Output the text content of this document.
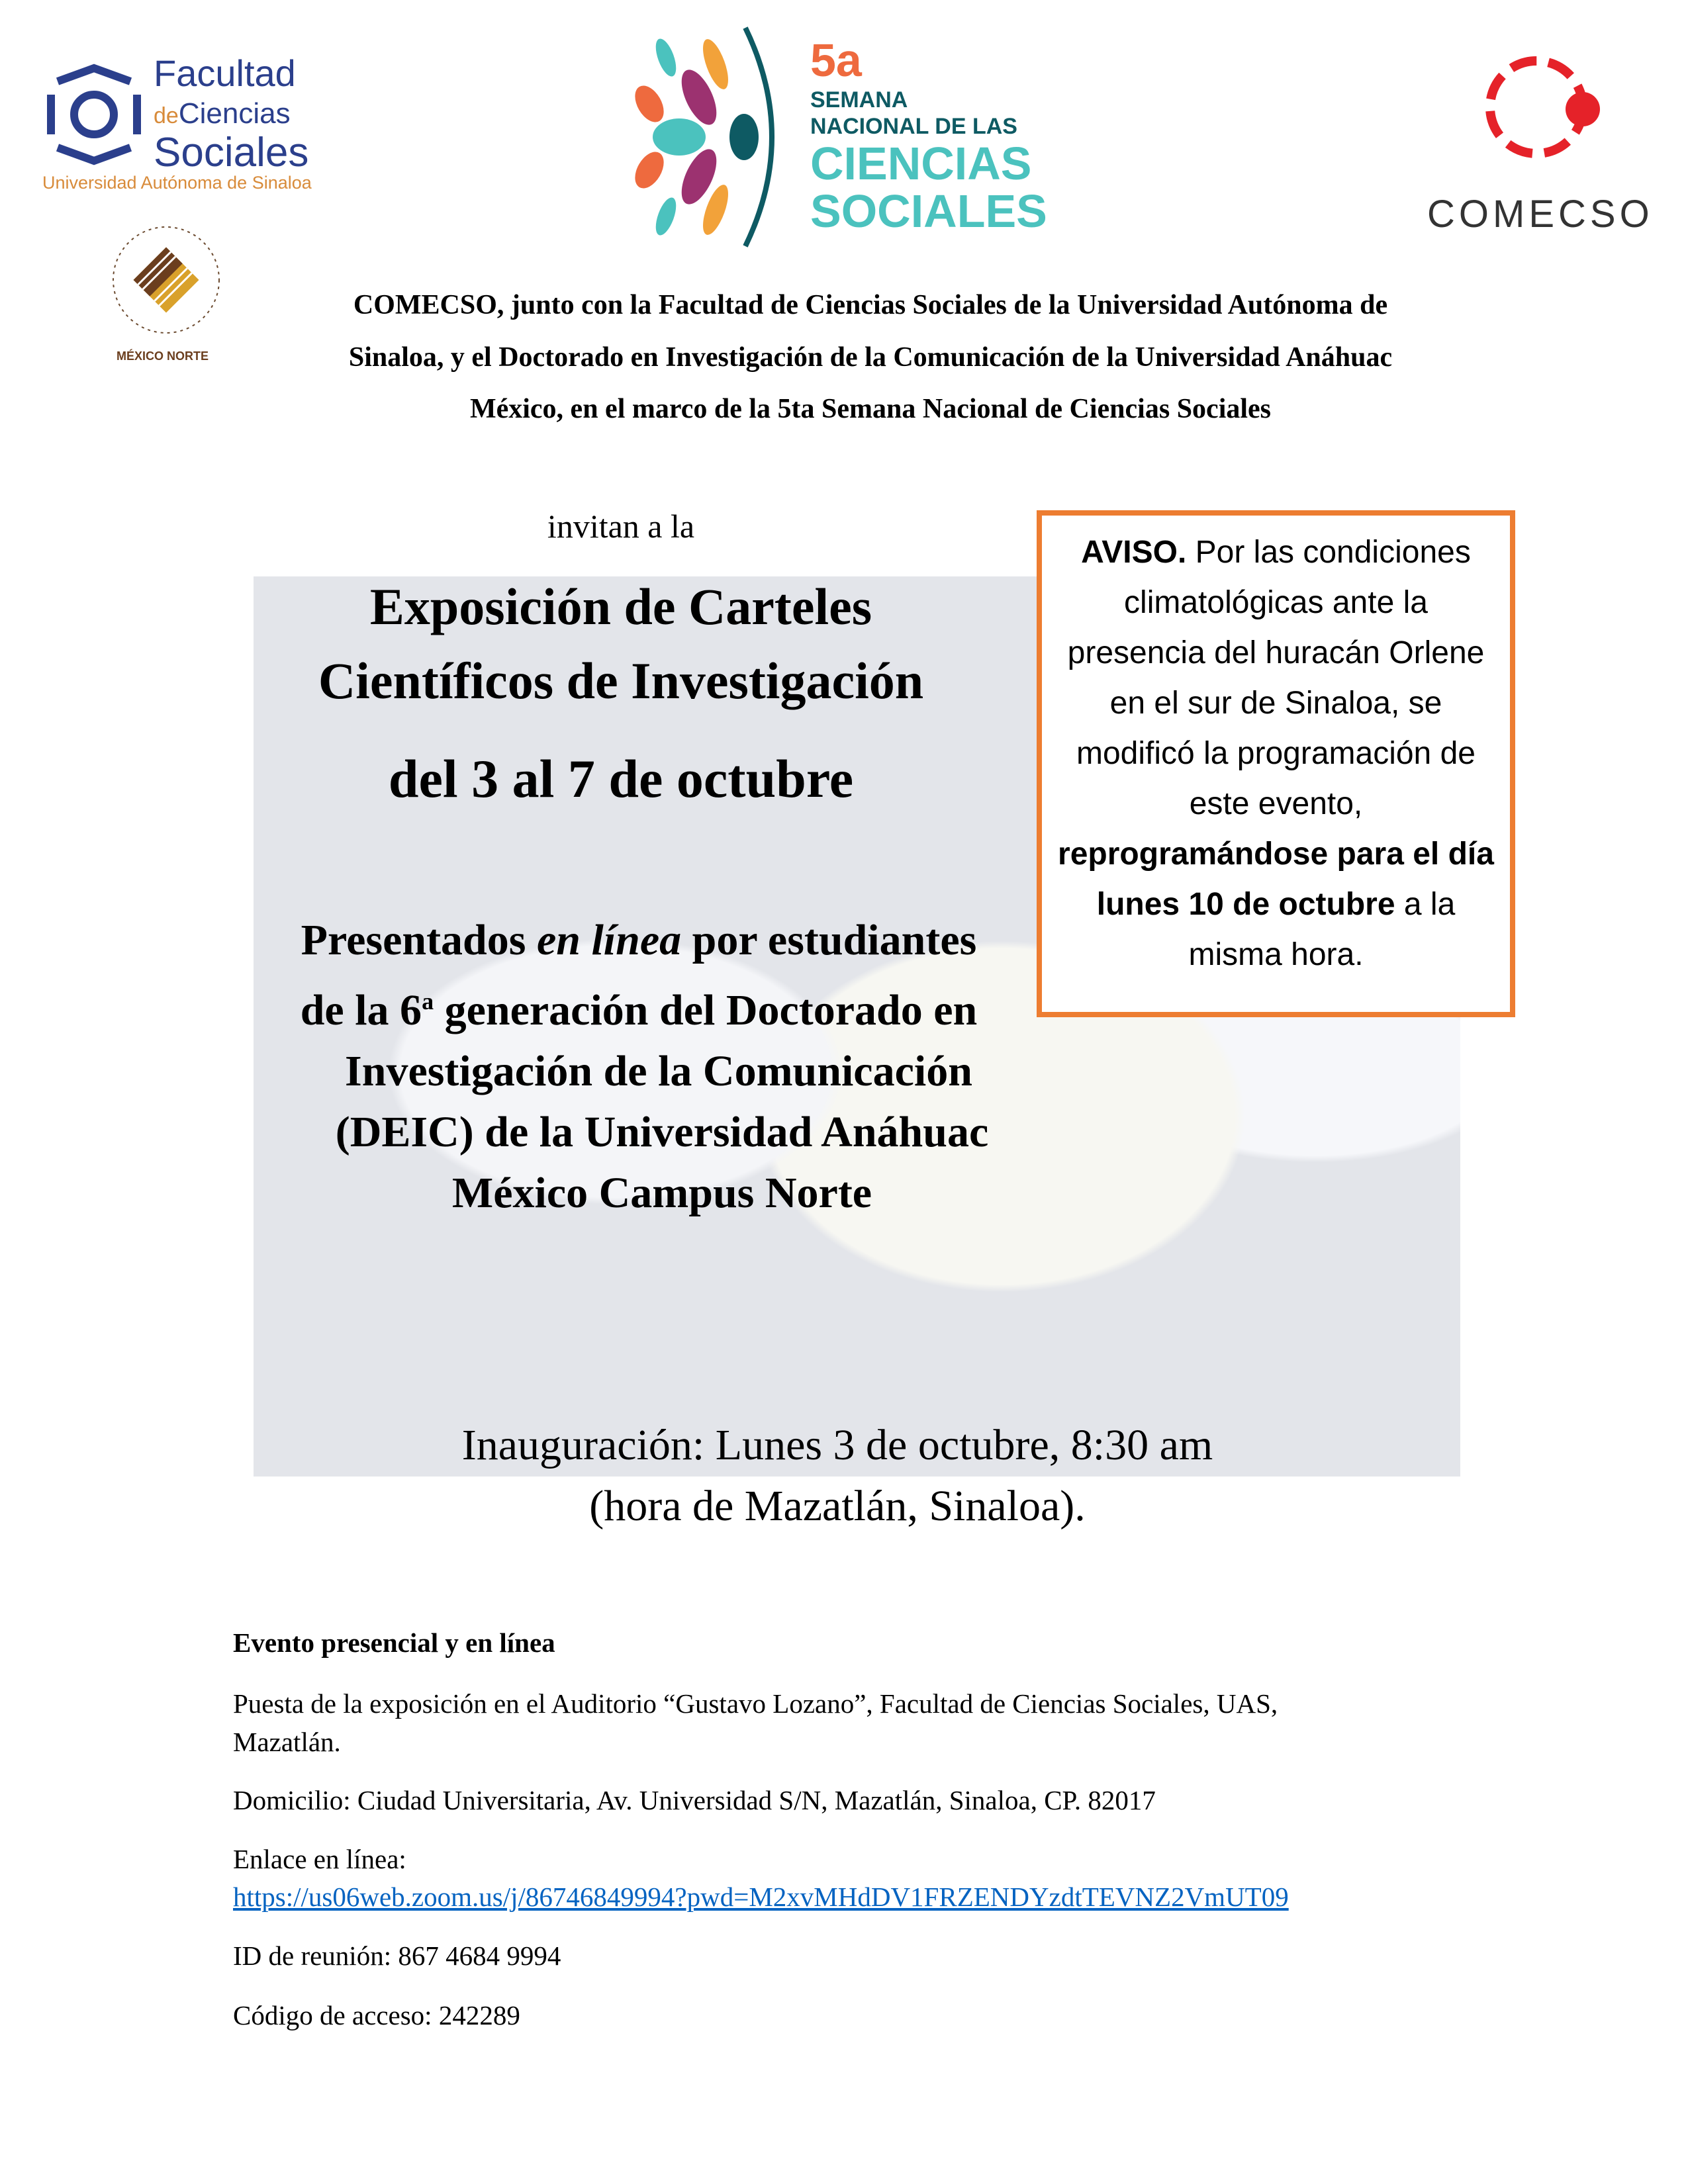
Facultad
deCiencias
Sociales
Universidad Autónoma de Sinaloa
5a
SEMANA
NACIONAL DE LAS
CIENCIAS
SOCIALES	COMECSO
MÉXICO NORTE
COMECSO, junto con la Facultad de Ciencias Sociales de la Universidad Autónoma de
Sinaloa, y el Doctorado en Investigación de la Comunicación de la Universidad Anáhuac
México, en el marco de la 5ta Semana Nacional de Ciencias Sociales
invitan a la
Exposición de Carteles
Científicos de Investigación
del 3 al 7 de octubre
Presentados en línea por estudiantes
de la 6$^a$ generación del Doctorado en
Investigación de la Comunicación
(DEIC) de la Universidad Anáhuac
México Campus Norte
AVISO. Por las condiciones climatológicas ante la presencia del huracán Orlene en el sur de Sinaloa, se modificó la programación de este evento, reprogramándose para el día lunes 10 de octubre a la misma hora.
Inauguración: Lunes 3 de octubre, 8:30 am
(hora de Mazatlán, Sinaloa).
Evento presencial y en línea
Puesta de la exposición en el Auditorio “Gustavo Lozano”, Facultad de Ciencias Sociales, UAS,
Mazatlán.
Domicilio: Ciudad Universitaria, Av. Universidad S/N, Mazatlán, Sinaloa, CP. 82017
Enlace en línea:
https://us06web.zoom.us/j/86746849994?pwd=M2xvMHdDV1FRZENDYzdtTEVNZ2VmUT09
ID de reunión: 867 4684 9994
Código de acceso: 242289
